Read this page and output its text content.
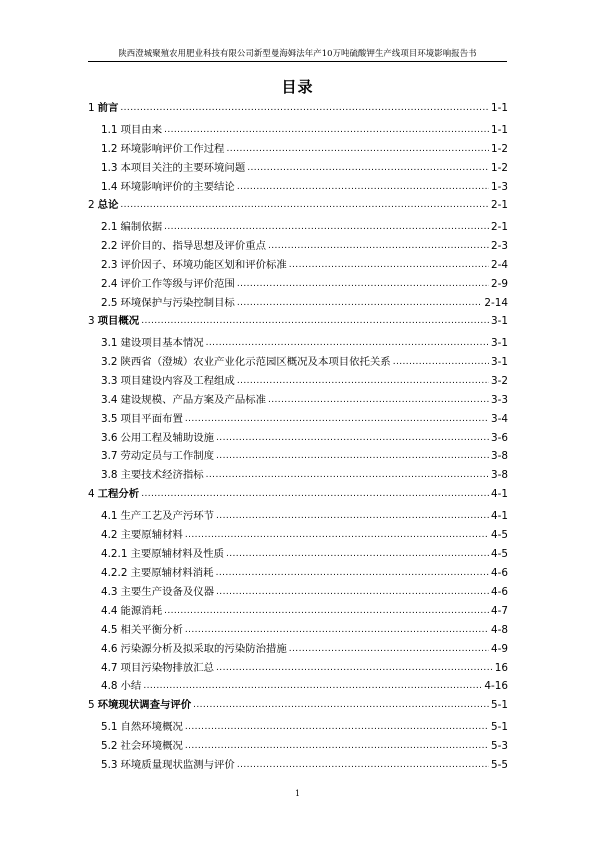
陕西澄城聚殖农用肥业科技有限公司新型曼海姆法年产10万吨硫酸钾生产线项目环境影响报告书
目录
1 前言 .....	1-1
1.1 项目由来 .....	1-1
1.2 环境影响评价工作过程 .....	1-2
1.3 本项目关注的主要环境问题 .....	1-2
1.4 环境影响评价的主要结论 .....	1-3
2 总论 .....	2-1
2.1 编制依据 .....	2-1
2.2 评价目的、指导思想及评价重点 .....	2-3
2.3 评价因子、环境功能区划和评价标准 .....	2-4
2.4 评价工作等级与评价范围 .....	2-9
2.5 环境保护与污染控制目标 .....	2-14
3 项目概况 .....	3-1
3.1 建设项目基本情况 .....	3-1
3.2 陕西省（澄城）农业产业化示范园区概况及本项目依托关系 .....	3-1
3.3 项目建设内容及工程组成 .....	3-2
3.4 建设规模、产品方案及产品标准 .....	3-3
3.5 项目平面布置 .....	3-4
3.6 公用工程及辅助设施 .....	3-6
3.7 劳动定员与工作制度 .....	3-8
3.8 主要技术经济指标 .....	3-8
4 工程分析 .....	4-1
4.1 生产工艺及产污环节 .....	4-1
4.2 主要原辅材料 .....	4-5
4.2.1 主要原辅材料及性质 .....	4-5
4.2.2 主要原辅材料消耗 .....	4-6
4.3 主要生产设备及仪器 .....	4-6
4.4 能源消耗 .....	4-7
4.5 相关平衡分析 .....	4-8
4.6 污染源分析及拟采取的污染防治措施 .....	4-9
4.7 项目污染物排放汇总 .....	16
4.8 小结 .....	4-16
5 环境现状调查与评价 .....	5-1
5.1 自然环境概况 .....	5-1
5.2 社会环境概况 .....	5-3
5.3 环境质量现状监测与评价 .....	5-5
1
